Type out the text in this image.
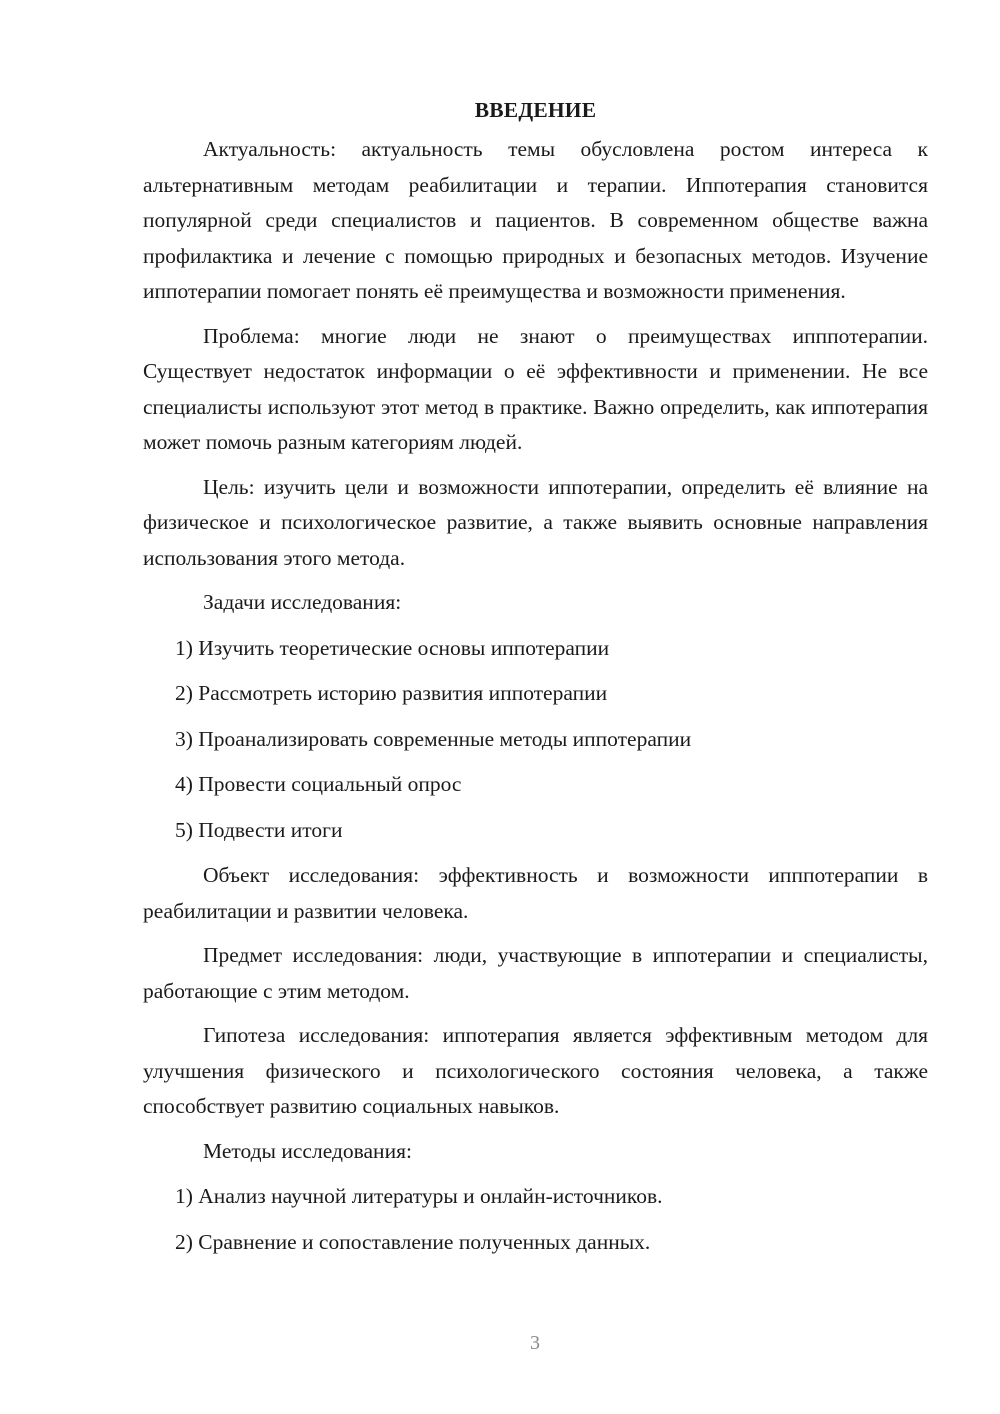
ВВЕДЕНИЕ

Актуальность: актуальность темы обусловлена ростом интереса к альтернативным методам реабилитации и терапии. Иппотерапия становится популярной среди специалистов и пациентов. В современном обществе важна профилактика и лечение с помощью природных и безопасных методов. Изучение иппотерапии помогает понять её преимущества и возможности применения.

Проблема: многие люди не знают о преимуществах ипппотерапии. Существует недостаток информации о её эффективности и применении. Не все специалисты используют этот метод в практике. Важно определить, как иппотерапия может помочь разным категориям людей.

Цель: изучить цели и возможности иппотерапии, определить её влияние на физическое и психологическое развитие, а также выявить основные направления использования этого метода.

Задачи исследования:

1) Изучить теоретические основы иппотерапии

2) Рассмотреть историю развития иппотерапии

3) Проанализировать современные методы иппотерапии

4) Провести социальный опрос

5) Подвести итоги

Объект исследования: эффективность и возможности ипппотерапии в реабилитации и развитии человека.

Предмет исследования: люди, участвующие в иппотерапии и специалисты, работающие с этим методом.

Гипотеза исследования: иппотерапия является эффективным методом для улучшения физического и психологического состояния человека, а также способствует развитию социальных навыков.

Методы исследования:

1) Анализ научной литературы и онлайн-источников.

2) Сравнение и сопоставление полученных данных.

3
